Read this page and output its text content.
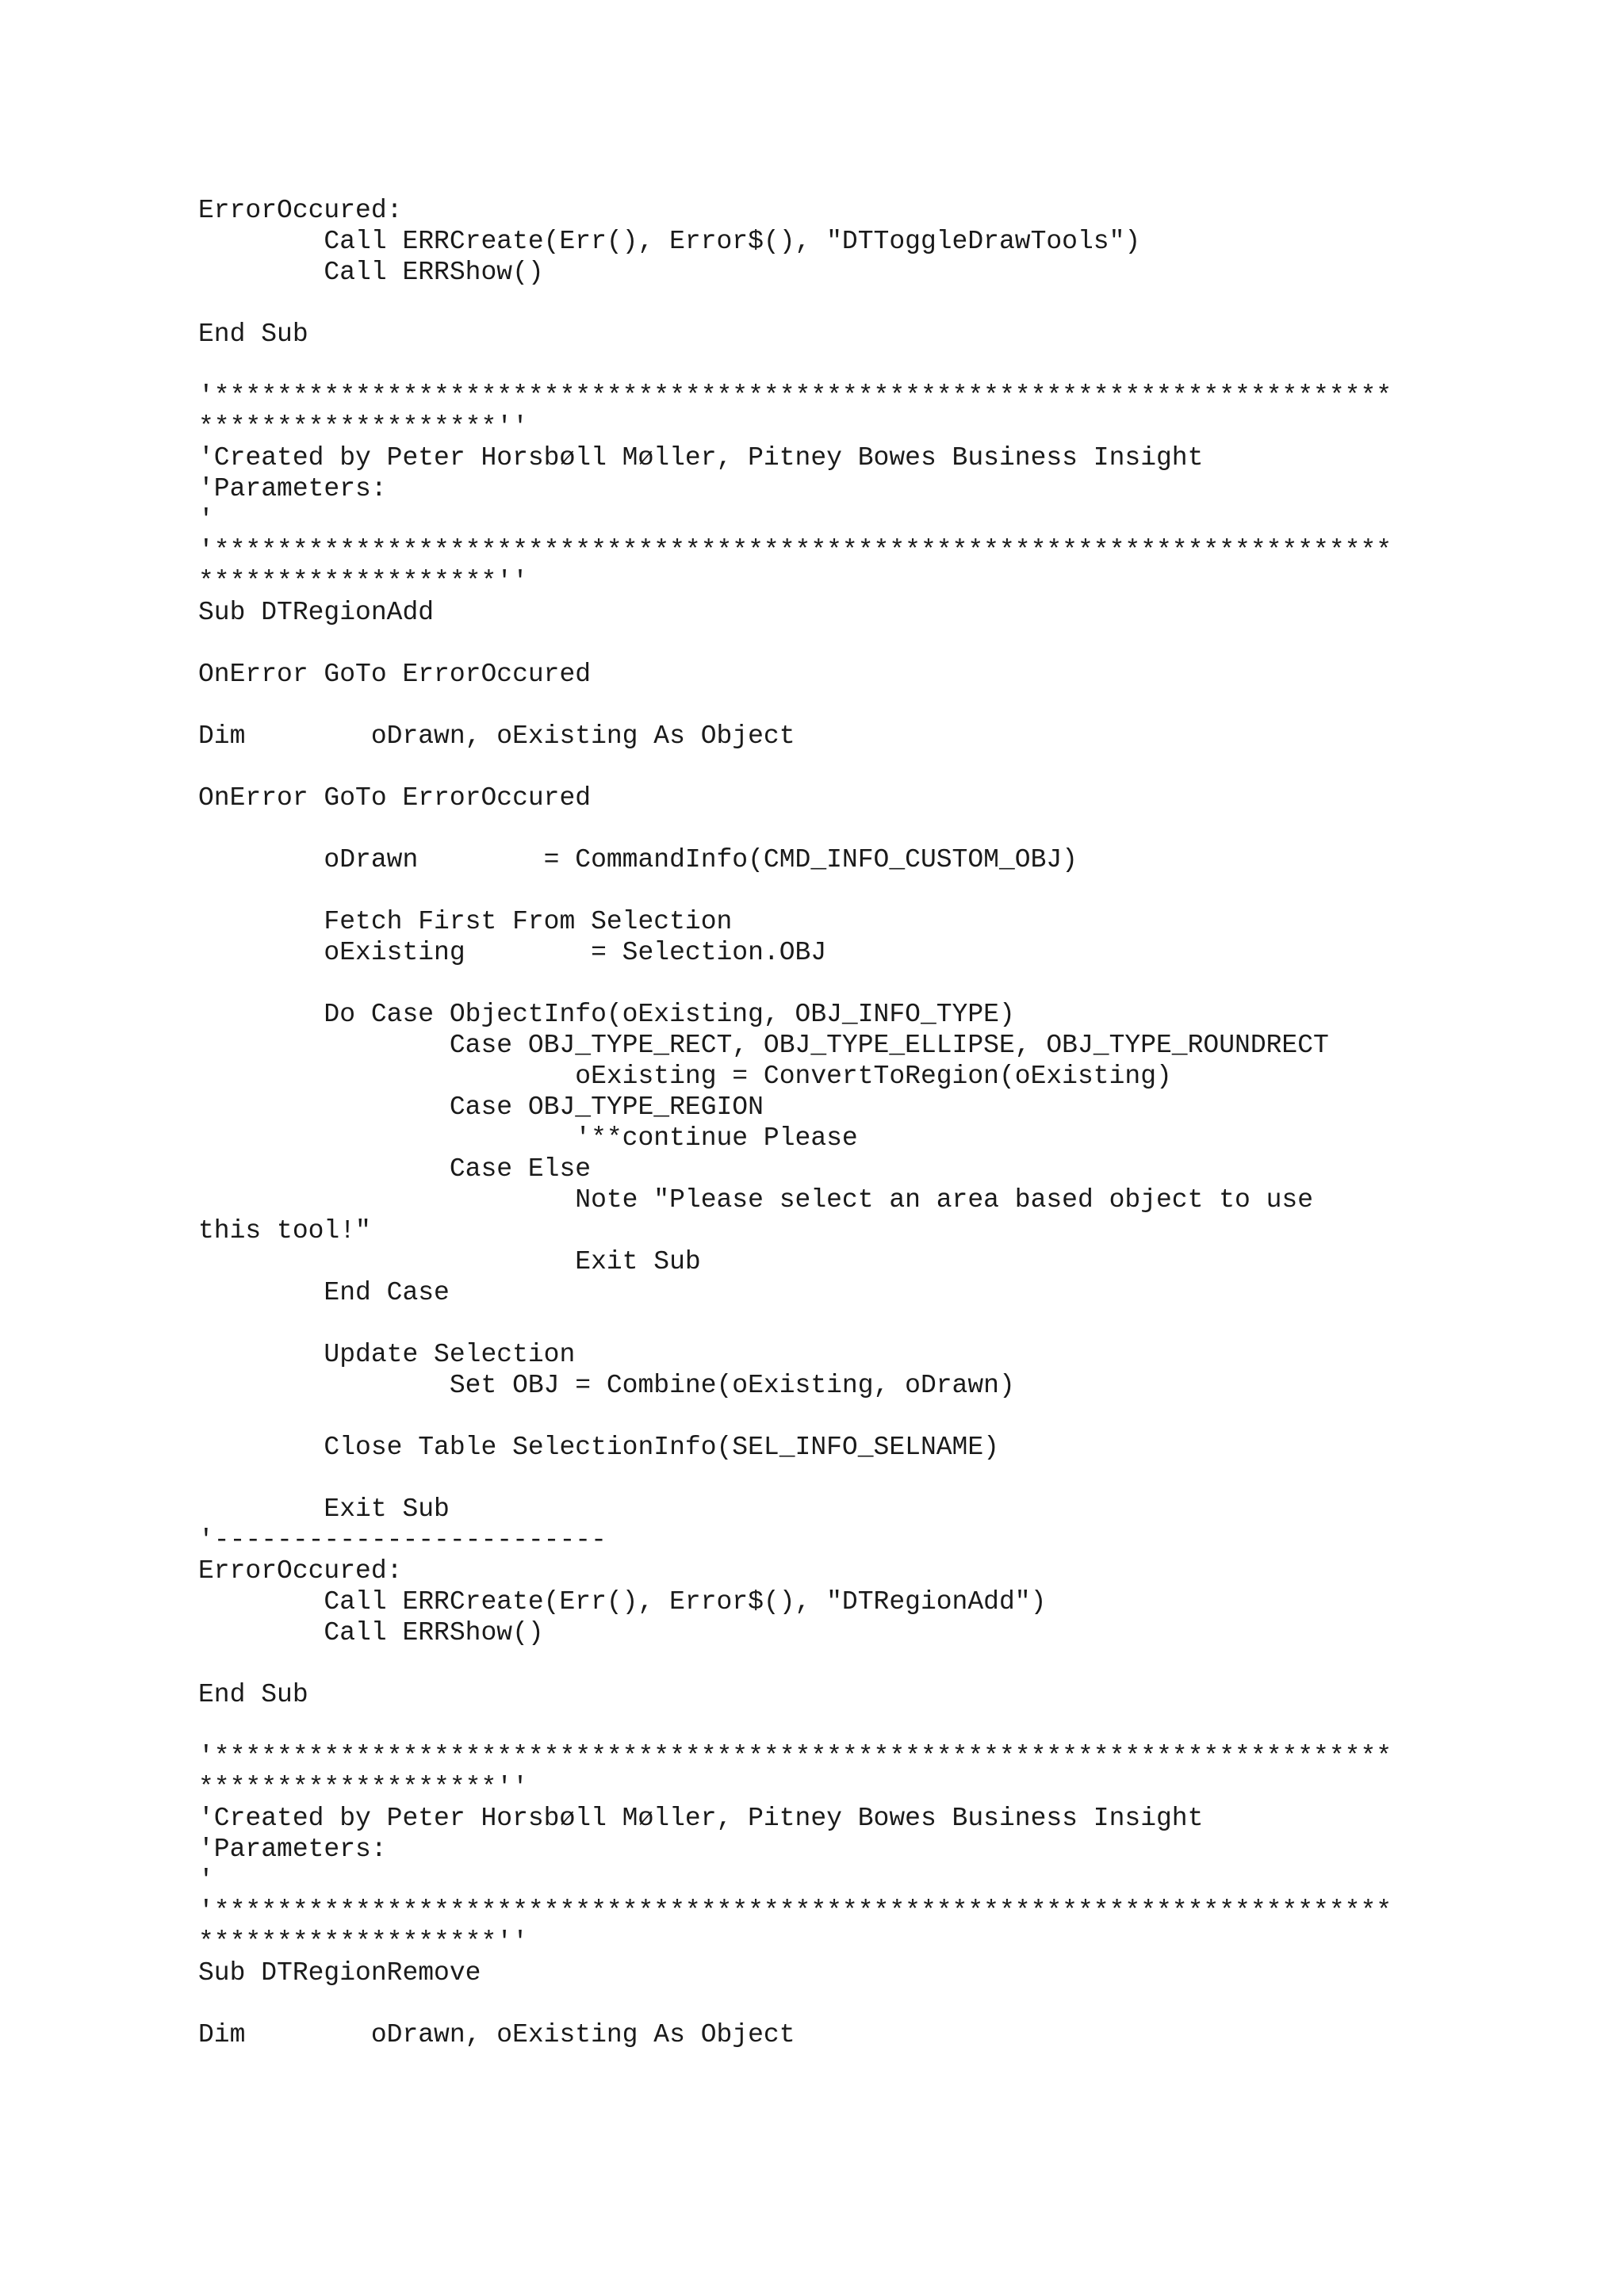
ErrorOccured:
Call ERRCreate(Err(), Error$(), "DTToggleDrawTools")
Call ERRShow()
End Sub
'***************************************************************************
*******************''
'Created by Peter Horsbøll Møller, Pitney Bowes Business Insight
'Parameters:
'
'***************************************************************************
*******************''
Sub DTRegionAdd
OnError GoTo ErrorOccured
Dim        oDrawn, oExisting As Object
OnError GoTo ErrorOccured
oDrawn        = CommandInfo(CMD_INFO_CUSTOM_OBJ)
Fetch First From Selection
oExisting        = Selection.OBJ
Do Case ObjectInfo(oExisting, OBJ_INFO_TYPE)
Case OBJ_TYPE_RECT, OBJ_TYPE_ELLIPSE, OBJ_TYPE_ROUNDRECT
oExisting = ConvertToRegion(oExisting)
Case OBJ_TYPE_REGION
'**continue Please
Case Else
Note "Please select an area based object to use
this tool!"
Exit Sub
End Case
Update Selection
Set OBJ = Combine(oExisting, oDrawn)
Close Table SelectionInfo(SEL_INFO_SELNAME)
Exit Sub
'-------------------------
ErrorOccured:
Call ERRCreate(Err(), Error$(), "DTRegionAdd")
Call ERRShow()
End Sub
'***************************************************************************
*******************''
'Created by Peter Horsbøll Møller, Pitney Bowes Business Insight
'Parameters:
'
'***************************************************************************
*******************''
Sub DTRegionRemove
Dim        oDrawn, oExisting As Object
